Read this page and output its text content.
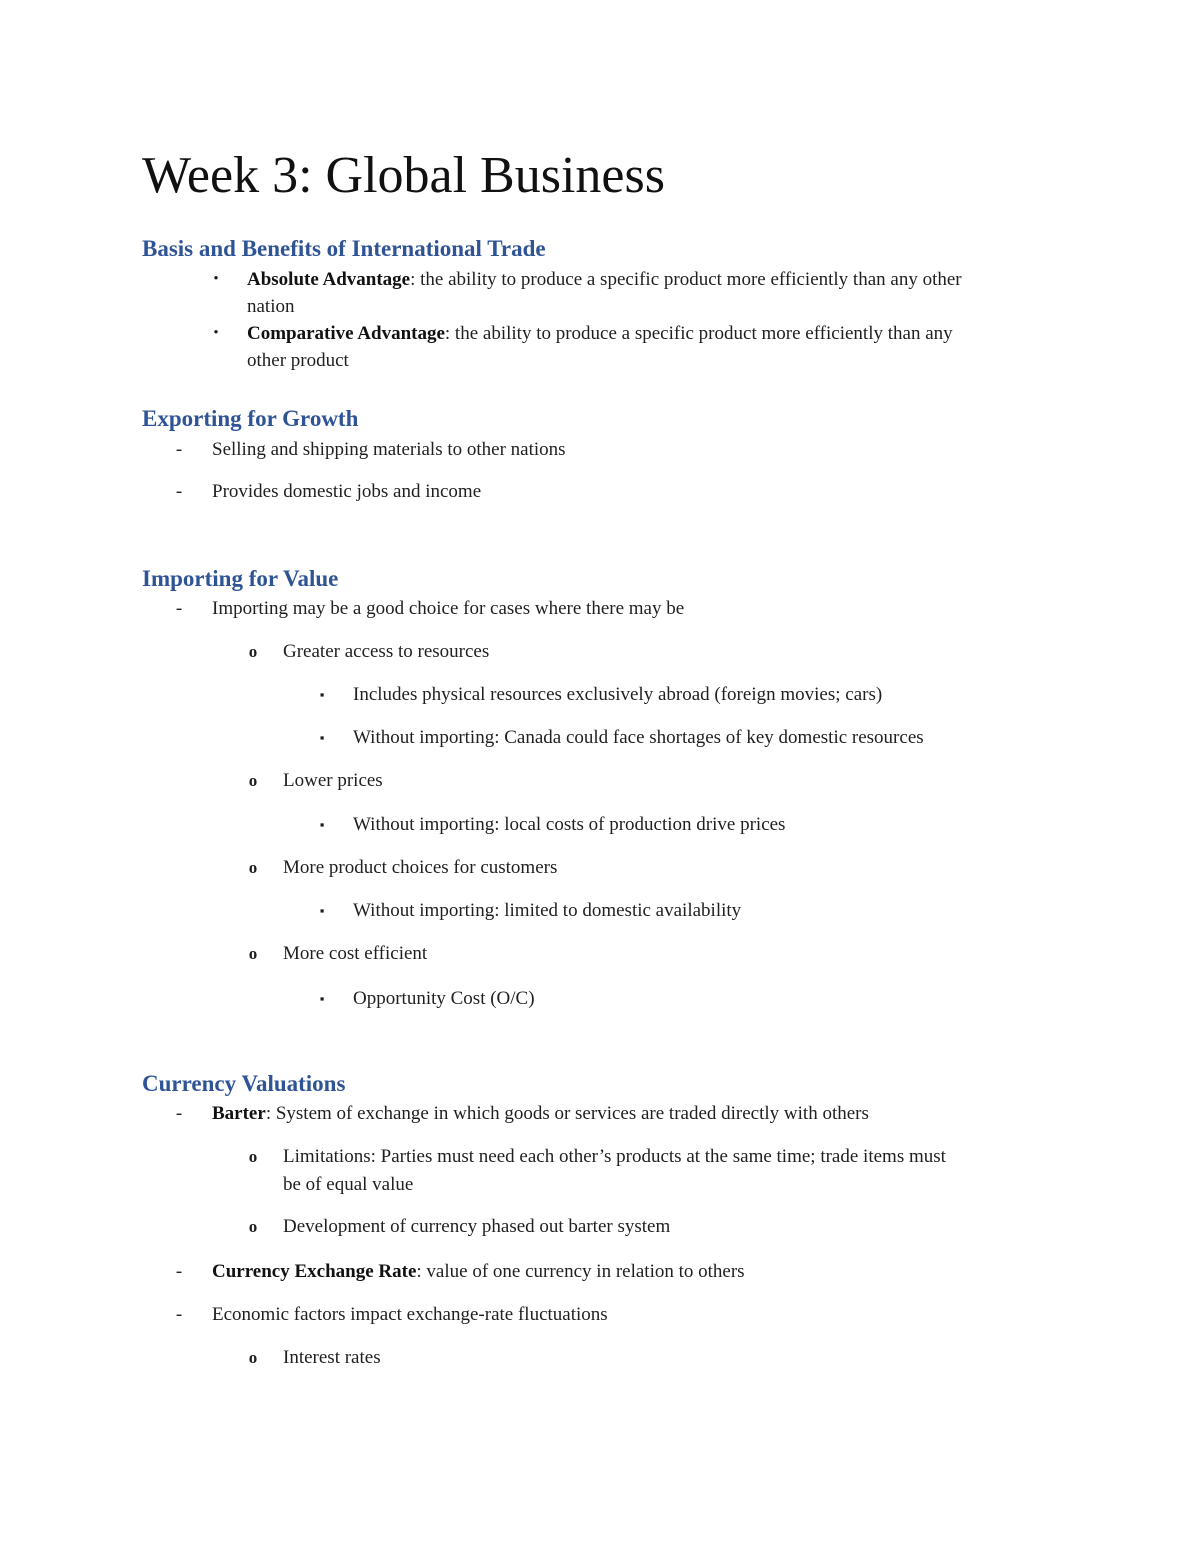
Week 3: Global Business
Basis and Benefits of International Trade
• Absolute Advantage: the ability to produce a specific product more efficiently than any other
nation
• Comparative Advantage: the ability to produce a specific product more efficiently than any
other product
Exporting for Growth
- Selling and shipping materials to other nations
- Provides domestic jobs and income
Importing for Value
- Importing may be a good choice for cases where there may be
o Greater access to resources
▪	Includes physical resources exclusively abroad (foreign movies; cars)
▪	Without importing: Canada could face shortages of key domestic resources
o Lower prices
▪	Without importing: local costs of production drive prices
o More product choices for customers
▪	Without importing: limited to domestic availability
o More cost efficient
▪	Opportunity Cost (O/C)
Currency Valuations
- Barter: System of exchange in which goods or services are traded directly with others
o Limitations: Parties must need each other’s products at the same time; trade items must
be of equal value
o Development of currency phased out barter system
- Currency Exchange Rate: value of one currency in relation to others
- Economic factors impact exchange-rate fluctuations
o Interest rates
